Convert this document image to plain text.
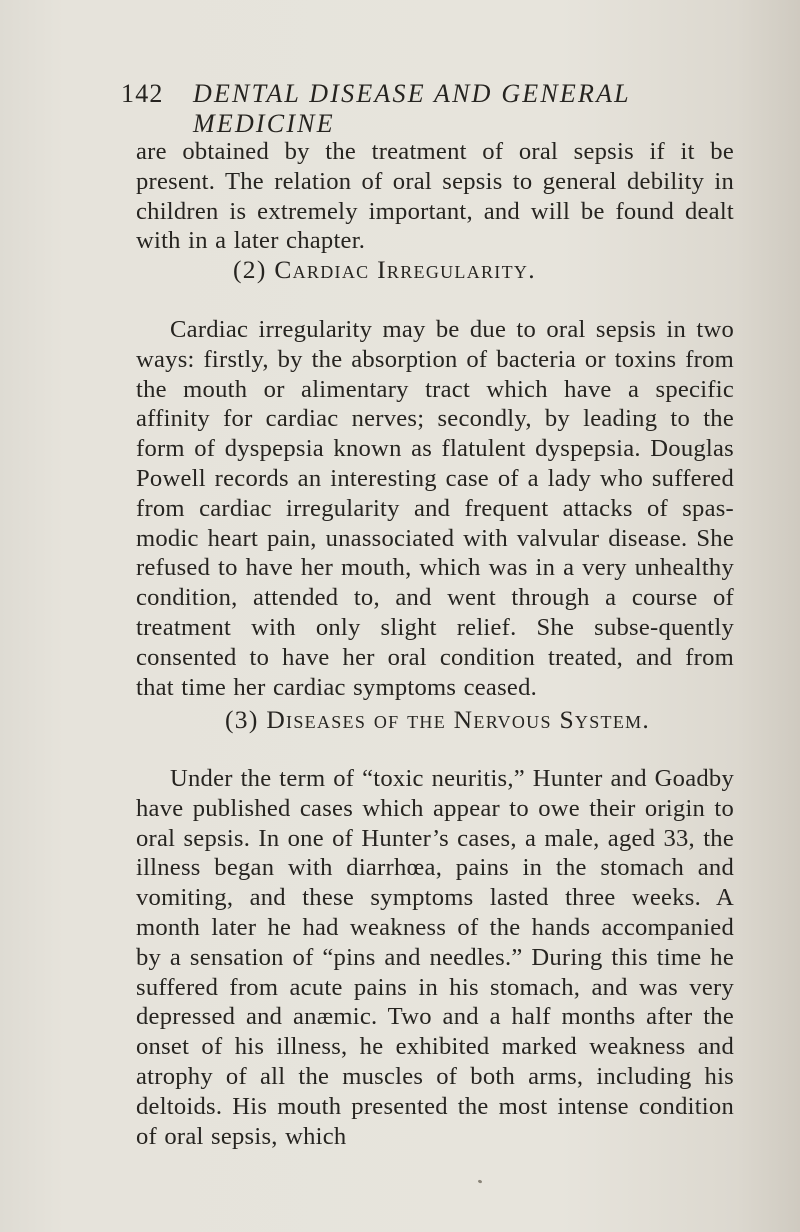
142 DENTAL DISEASE AND GENERAL MEDICINE

are obtained by the treatment of oral sepsis if it be present. The relation of oral sepsis to general debility in children is extremely important, and will be found dealt with in a later chapter.

(2) Cardiac Irregularity.

Cardiac irregularity may be due to oral sepsis in two ways: firstly, by the absorption of bacteria or toxins from the mouth or alimentary tract which have a specific affinity for cardiac nerves; secondly, by leading to the form of dyspepsia known as flatulent dyspepsia. Douglas Powell records an interesting case of a lady who suffered from cardiac irregularity and frequent attacks of spas-modic heart pain, unassociated with valvular disease. She refused to have her mouth, which was in a very unhealthy condition, attended to, and went through a course of treatment with only slight relief. She subse-quently consented to have her oral condition treated, and from that time her cardiac symptoms ceased.

(3) Diseases of the Nervous System.

Under the term of “toxic neuritis,” Hunter and Goadby have published cases which appear to owe their origin to oral sepsis. In one of Hunter’s cases, a male, aged 33, the illness began with diarrhœa, pains in the stomach and vomiting, and these symptoms lasted three weeks. A month later he had weakness of the hands accompanied by a sensation of “pins and needles.” During this time he suffered from acute pains in his stomach, and was very depressed and anæmic. Two and a half months after the onset of his illness, he exhibited marked weakness and atrophy of all the muscles of both arms, including his deltoids. His mouth presented the most intense condition of oral sepsis, which
